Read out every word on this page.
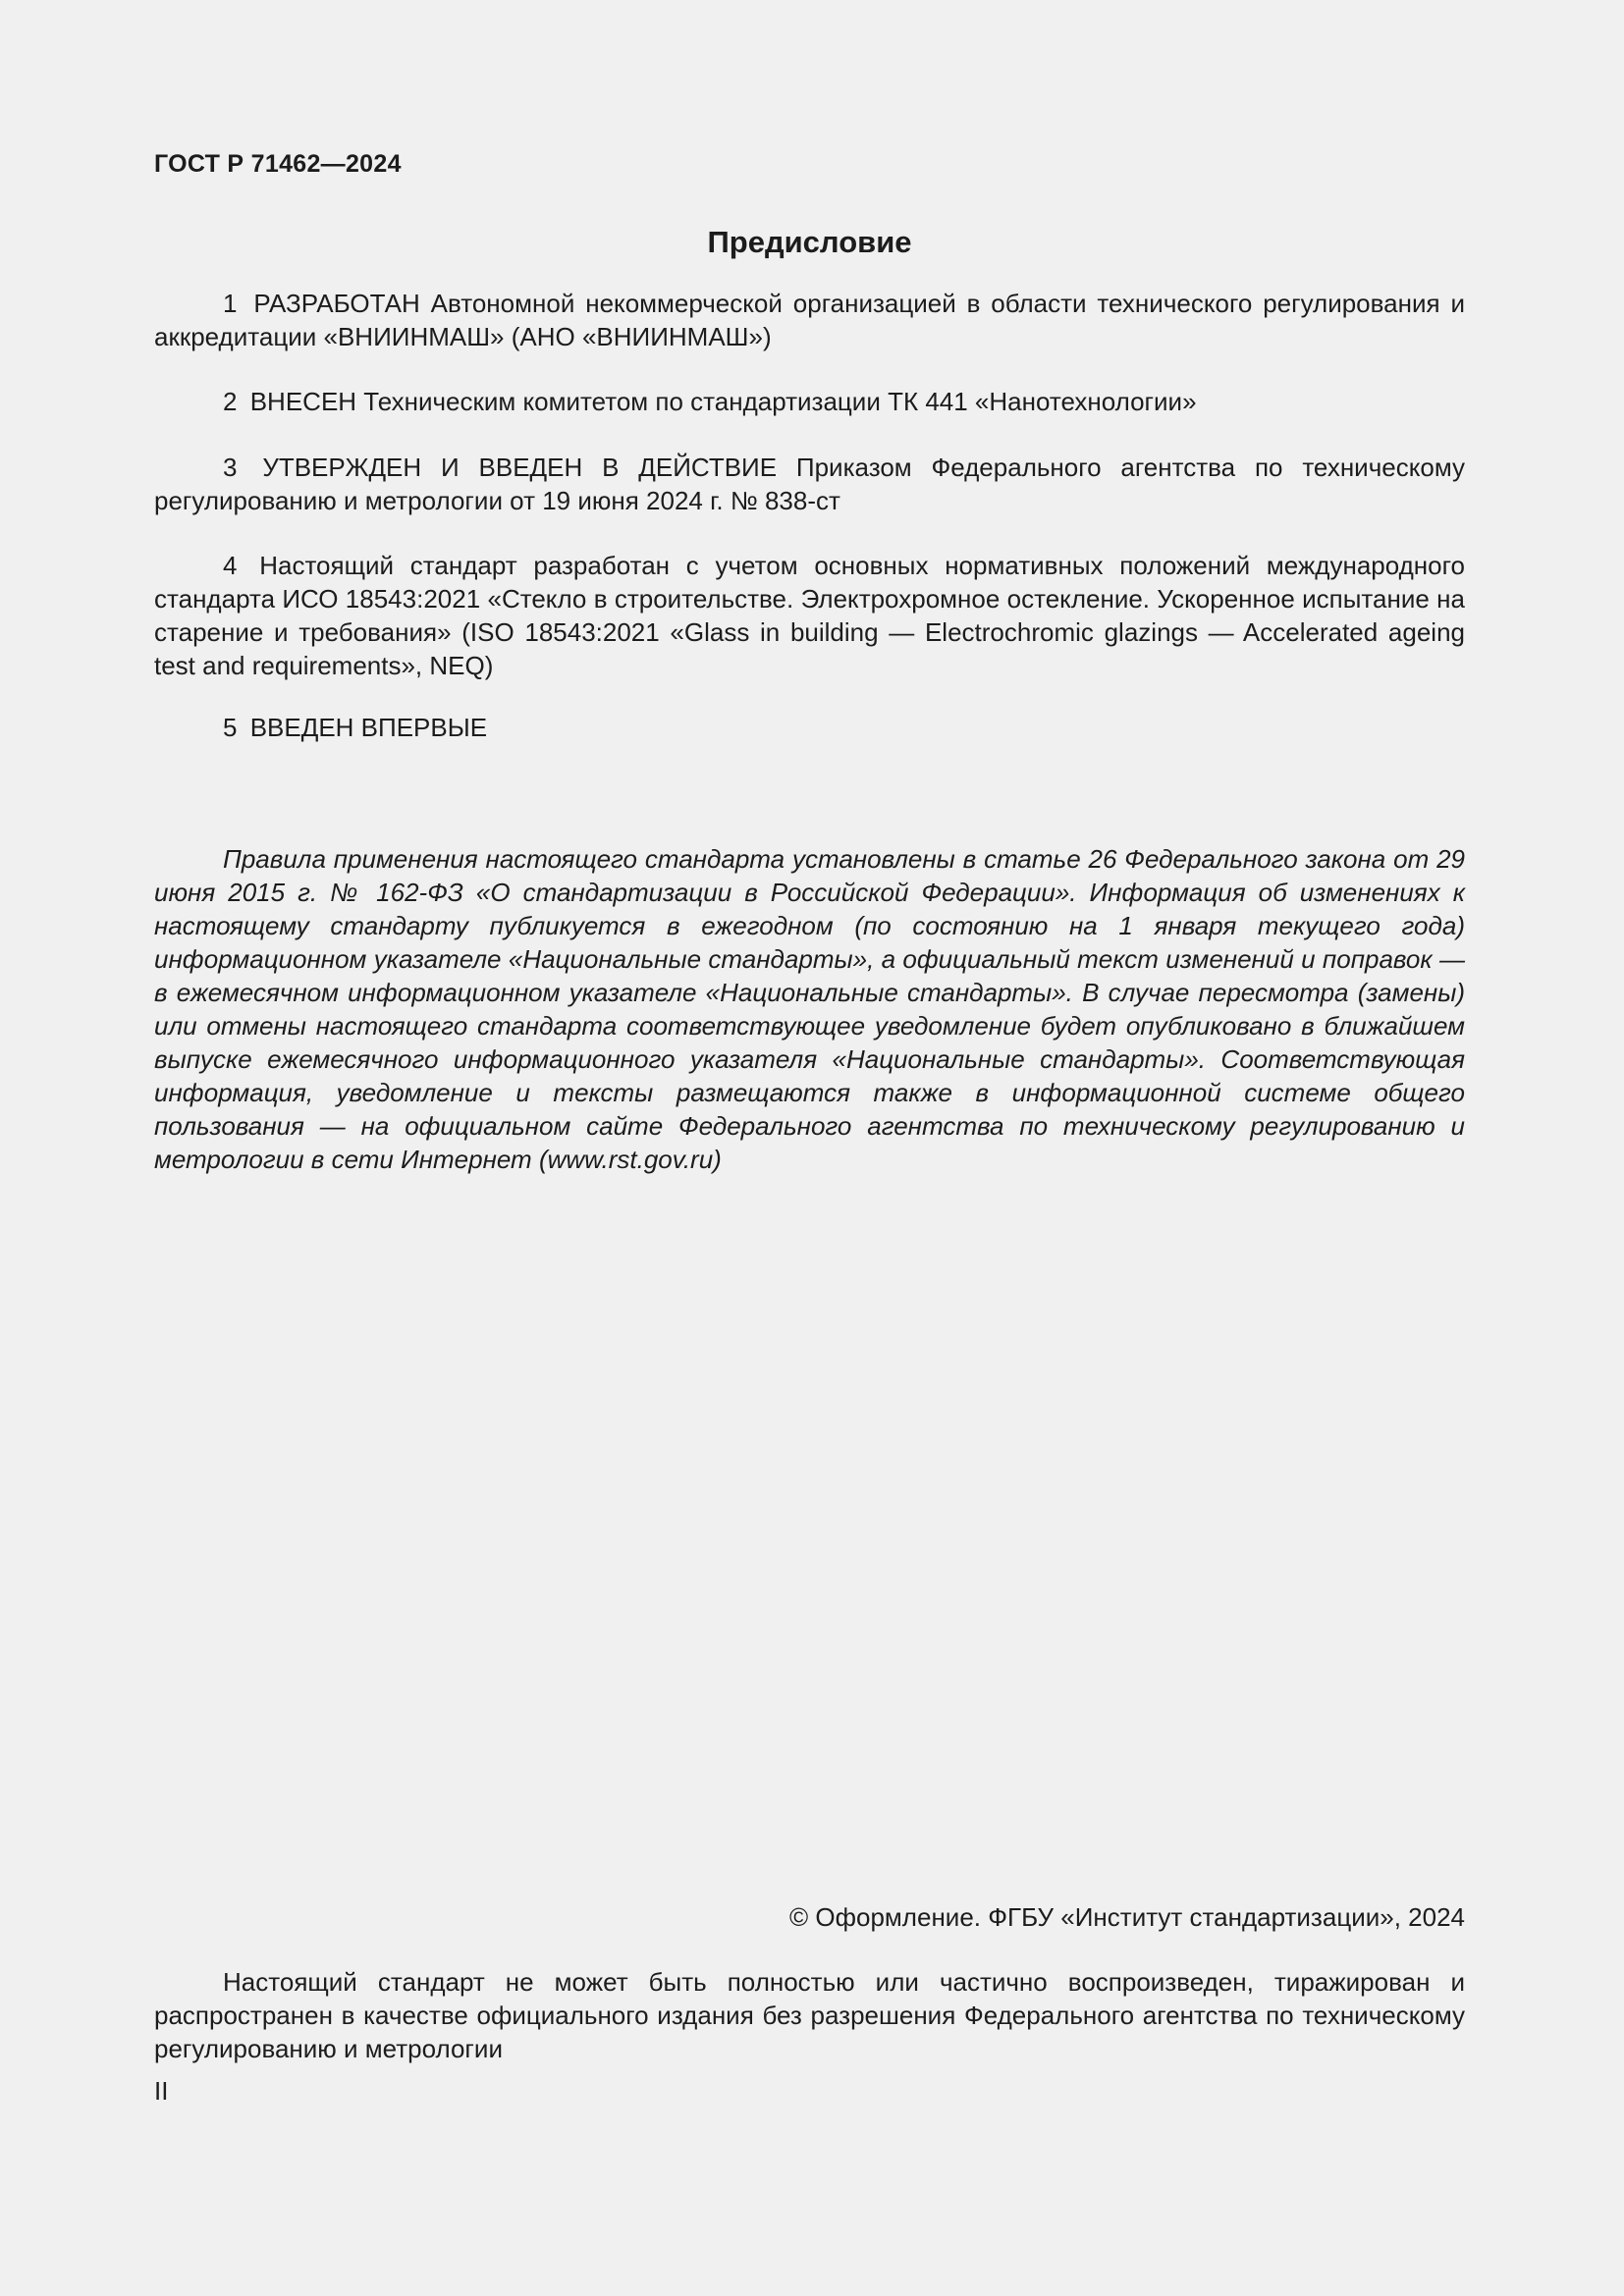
ГОСТ Р 71462—2024
Предисловие
1 РАЗРАБОТАН Автономной некоммерческой организацией в области технического регулирования и аккредитации «ВНИИНМАШ» (АНО «ВНИИНМАШ»)
2 ВНЕСЕН Техническим комитетом по стандартизации ТК 441 «Нанотехнологии»
3 УТВЕРЖДЕН И ВВЕДЕН В ДЕЙСТВИЕ Приказом Федерального агентства по техническому регулированию и метрологии от 19 июня 2024 г. № 838-ст
4 Настоящий стандарт разработан с учетом основных нормативных положений международного стандарта ИСО 18543:2021 «Стекло в строительстве. Электрохромное остекление. Ускоренное испытание на старение и требования» (ISO 18543:2021 «Glass in building — Electrochromic glazings — Accelerated ageing test and requirements», NEQ)
5 ВВЕДЕН ВПЕРВЫЕ
Правила применения настоящего стандарта установлены в статье 26 Федерального закона от 29 июня 2015 г. № 162-ФЗ «О стандартизации в Российской Федерации». Информация об изменениях к настоящему стандарту публикуется в ежегодном (по состоянию на 1 января текущего года) информационном указателе «Национальные стандарты», а официальный текст изменений и поправок — в ежемесячном информационном указателе «Национальные стандарты». В случае пересмотра (замены) или отмены настоящего стандарта соответствующее уведомление будет опубликовано в ближайшем выпуске ежемесячного информационного указателя «Национальные стандарты». Соответствующая информация, уведомление и тексты размещаются также в информационной системе общего пользования — на официальном сайте Федерального агентства по техническому регулированию и метрологии в сети Интернет (www.rst.gov.ru)
© Оформление. ФГБУ «Институт стандартизации», 2024
Настоящий стандарт не может быть полностью или частично воспроизведен, тиражирован и распространен в качестве официального издания без разрешения Федерального агентства по техническому регулированию и метрологии
II
